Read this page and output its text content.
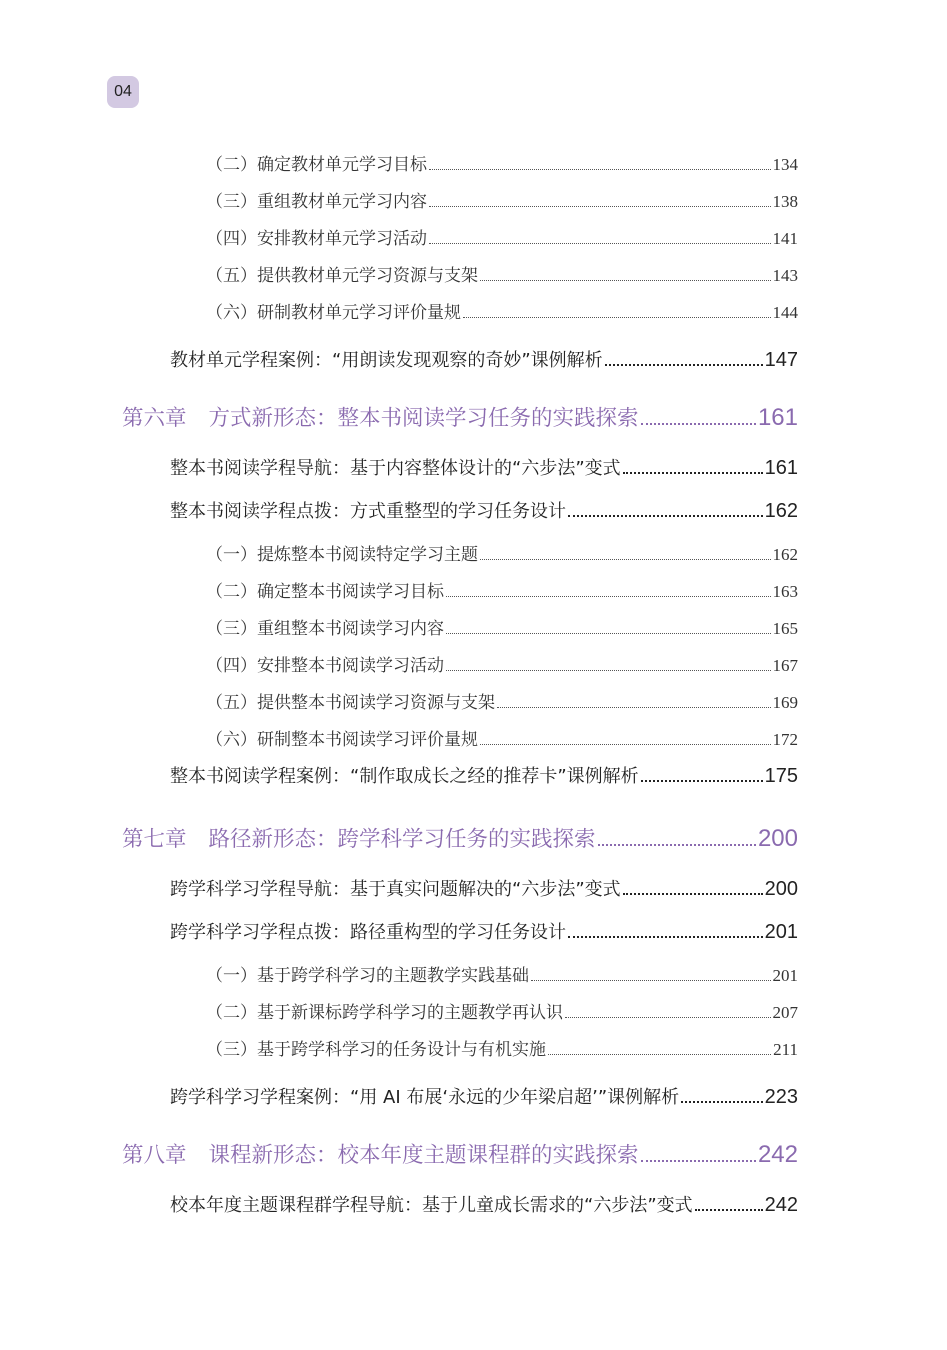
04
（二）确定教材单元学习目标	134
（三）重组教材单元学习内容	138
（四）安排教材单元学习活动	141
（五）提供教材单元学习资源与支架	143
（六）研制教材单元学习评价量规	144
教材单元学程案例：“用朗读发现观察的奇妙”课例解析	147
第六章 方式新形态：整本书阅读学习任务的实践探索	161
整本书阅读学程导航：基于内容整体设计的“六步法”变式	161
整本书阅读学程点拨：方式重整型的学习任务设计	162
（一）提炼整本书阅读特定学习主题	162
（二）确定整本书阅读学习目标	163
（三）重组整本书阅读学习内容	165
（四）安排整本书阅读学习活动	167
（五）提供整本书阅读学习资源与支架	169
（六）研制整本书阅读学习评价量规	172
整本书阅读学程案例：“制作取成长之经的推荐卡”课例解析	175
第七章 路径新形态：跨学科学习任务的实践探索	200
跨学科学习学程导航：基于真实问题解决的“六步法”变式	200
跨学科学习学程点拨：路径重构型的学习任务设计	201
（一）基于跨学科学习的主题教学实践基础	201
（二）基于新课标跨学科学习的主题教学再认识	207
（三）基于跨学科学习的任务设计与有机实施	211
跨学科学习学程案例：“用 AI 布展‘永远的少年梁启超’”课例解析	223
第八章 课程新形态：校本年度主题课程群的实践探索	242
校本年度主题课程群学程导航：基于儿童成长需求的“六步法”变式	242
